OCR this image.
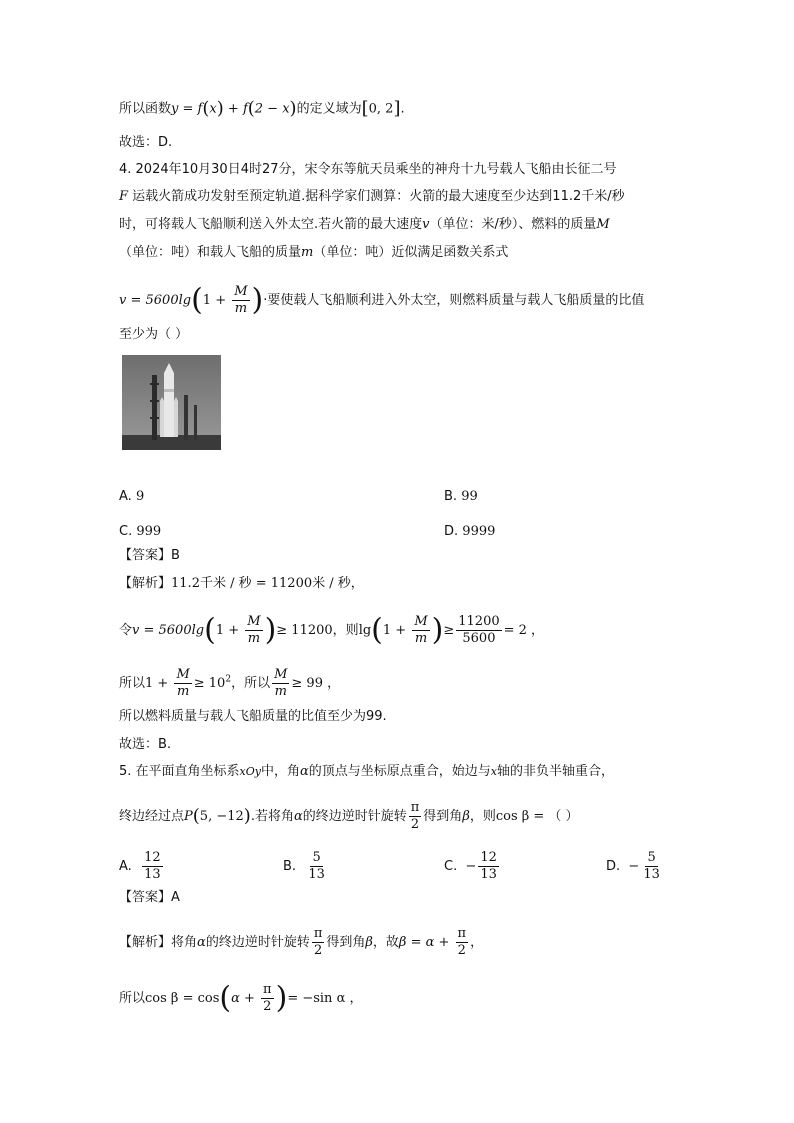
所以函数y = f(x) + f(2 − x)的定义域为[0, 2].
故选：D.
4. 2024年10月30日4时27分，宋令东等航天员乘坐的神舟十九号载人飞船由长征二号
F 运载火箭成功发射至预定轨道.据科学家们测算：火箭的最大速度至少达到11.2千米/秒
时，可将载人飞船顺利送入外太空.若火箭的最大速度v（单位：米/秒）、燃料的质量M
（单位：吨）和载人飞船的质量m（单位：吨）近似满足函数关系式
$v = 5600\lg(1 + \frac{M}{m}$ )·要使载人飞船顺利进入外太空，则燃料质量与载人飞船质量的比值
至少为（ ）
A. 9	B. 99
C. 999	D. 9999
【答案】B
【解析】11.2千米 / 秒 = 11200米 / 秒，
令$v = 5600\lg(1 + \frac{M}{m}$ )≥ 11200，则$\lg(1 + \frac{M}{m}$ )≥ $\frac{11200}{5600} = 2$ ，
所以$1 + \frac{M}{m} \ge 10^2$，所以 $\frac{M}{m} \ge 99$ ，
所以燃料质量与载人飞船质量的比值至少为99.
故选：B.
5. 在平面直角坐标系xOy中，角α的顶点与坐标原点重合，始边与x轴的非负半轴重合，
终边经过点P(5, −12).若将角α的终边逆时针旋转 $\frac{\pi}{2}$ 得到角β，则cos β = （ ）
A. $\frac{12}{13}$	B. $\frac{5}{13}$	C. − $\frac{12}{13}$	D. − $\frac{5}{13}$
【答案】A
【解析】将角α的终边逆时针旋转 $\frac{\pi}{2}$ 得到角β，故$\beta = \alpha + \frac{\pi}{2}$ ，
所以$\cos \beta = \cos(\alpha + \frac{\pi}{2}$ )= −sin α ，
